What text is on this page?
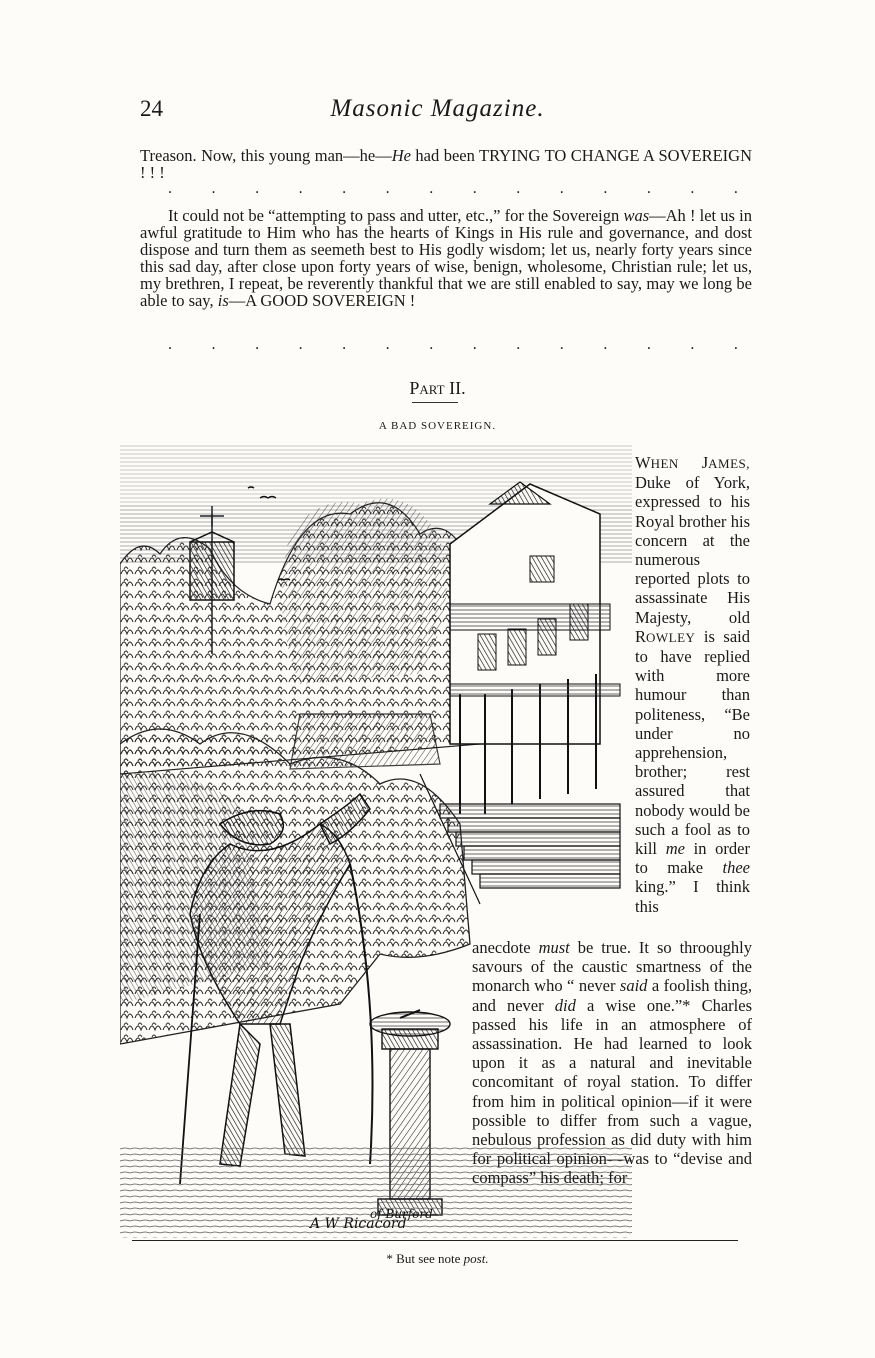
24	Masonic Magazine.
Treason. Now, this young man—he—He had been TRYING TO CHANGE A SOVEREIGN ! ! !
. . . . . . . . . . . . . .
It could not be “attempting to pass and utter, etc.,” for the Sovereign was—Ah ! let us in awful gratitude to Him who has the hearts of Kings in His rule and governance, and dost dispose and turn them as seemeth best to His godly wisdom; let us, nearly forty years since this sad day, after close upon forty years of wise, benign, wholesome, Christian rule; let us, my brethren, I repeat, be reverently thankful that we are still enabled to say, may we long be able to say, is—A GOOD SOVEREIGN !
. . . . . . . . . . . . . .
PART II.
A BAD SOVEREIGN.
A W Ricacord
of Burford
WHEN JAMES, Duke of York, expressed to his Royal brother his concern at the numerous reported plots to assassinate His Majesty, old ROWLEY is said to have replied with more humour than politeness, “Be under no apprehension, brother; rest assured that nobody would be such a fool as to kill me in order to make thee king.” I think this
anecdote must be true. It so throoughly savours of the caustic smartness of the monarch who “ never said a foolish thing, and never did a wise one.”* Charles passed his life in an atmosphere of assassination. He had learned to look upon it as a natural and inevitable concomitant of royal station. To differ from him in political opinion—if it were possible to differ from such a vague, nebulous profession as did duty with him for political opinion—was to “devise and compass” his death; for
* But see note post.
